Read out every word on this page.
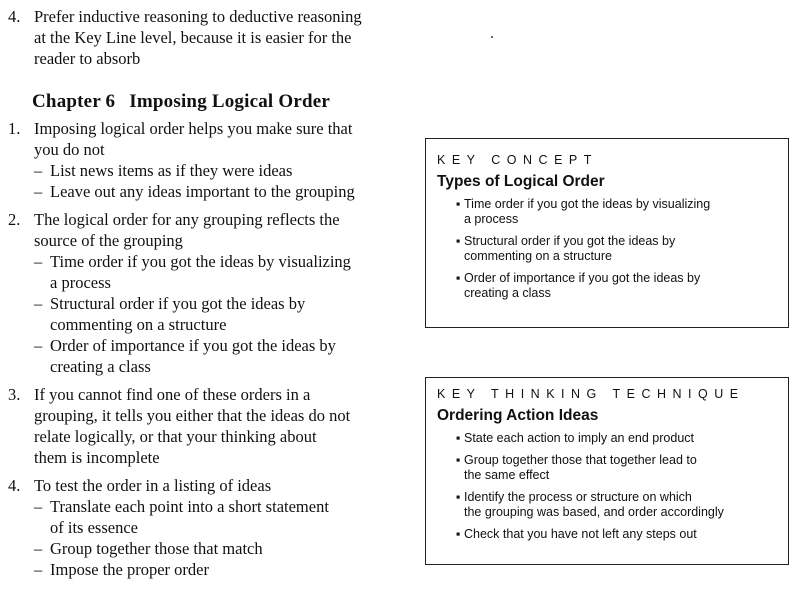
4. Prefer inductive reasoning to deductive reasoning
at the Key Line level, because it is easier for the
reader to absorb
Chapter 6 Imposing Logical Order
1. Imposing logical order helps you make sure that
you do not
– List news items as if they were ideas
– Leave out any ideas important to the grouping
2. The logical order for any grouping reflects the
source of the grouping
– Time order if you got the ideas by visualizing
a process
– Structural order if you got the ideas by
commenting on a structure
– Order of importance if you got the ideas by
creating a class
3. If you cannot find one of these orders in a
grouping, it tells you either that the ideas do not
relate logically, or that your thinking about
them is incomplete
4. To test the order in a listing of ideas
– Translate each point into a short statement
of its essence
– Group together those that match
– Impose the proper order
KEY CONCEPT
Types of Logical Order
▪ Time order if you got the ideas by visualizing
a process
▪ Structural order if you got the ideas by
commenting on a structure
▪ Order of importance if you got the ideas by
creating a class
KEY THINKING TECHNIQUE
Ordering Action Ideas
▪ State each action to imply an end product
▪ Group together those that together lead to
the same effect
▪ Identify the process or structure on which
the grouping was based, and order accordingly
▪ Check that you have not left any steps out
